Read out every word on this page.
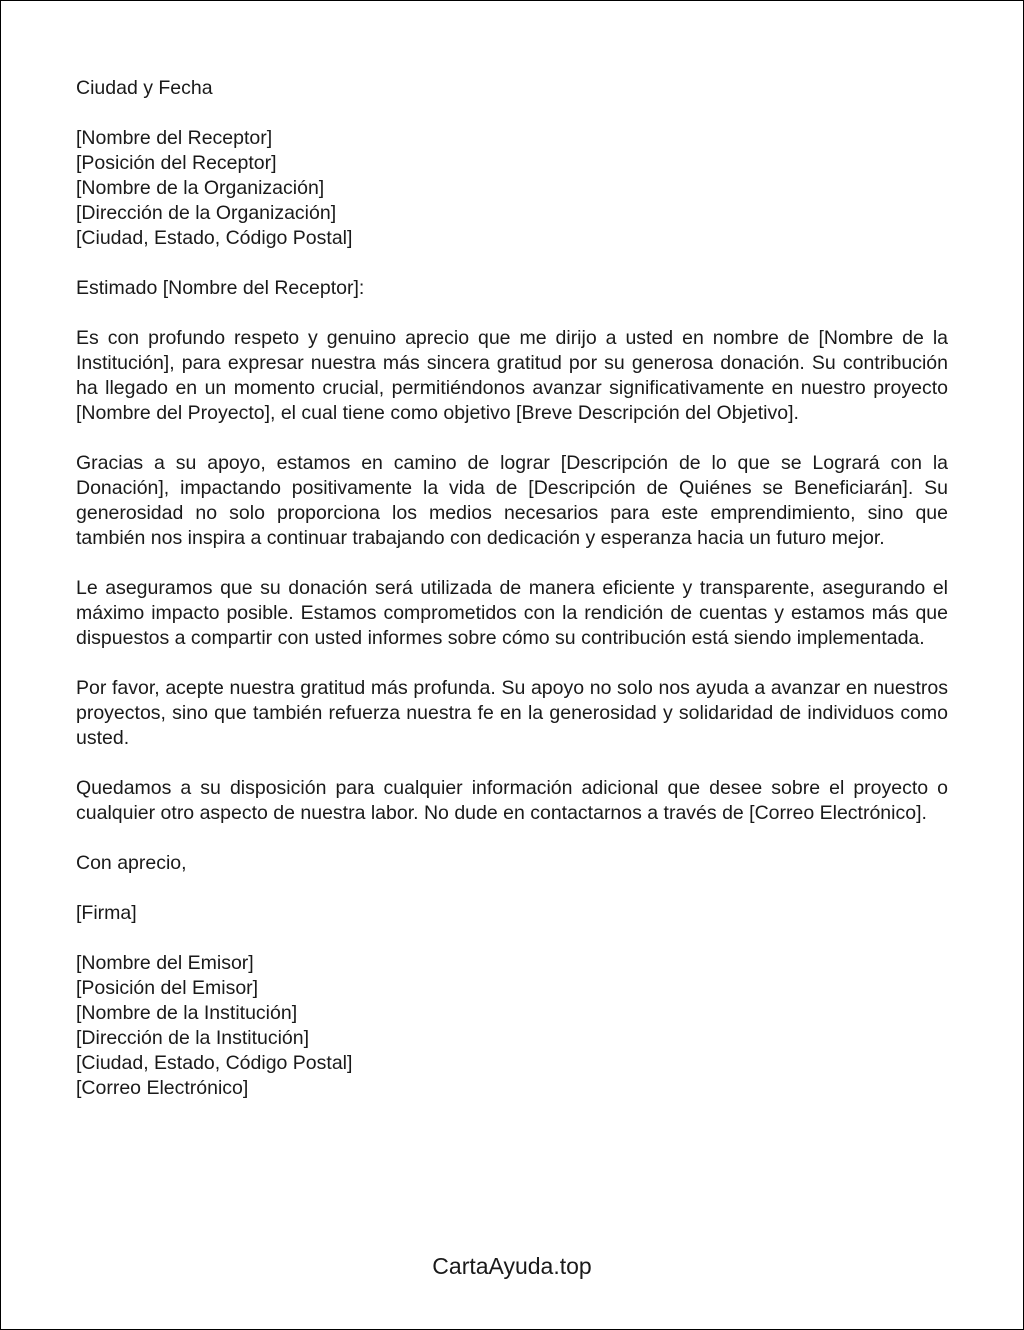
Ciudad y Fecha
[Nombre del Receptor]
[Posición del Receptor]
[Nombre de la Organización]
[Dirección de la Organización]
[Ciudad, Estado, Código Postal]
Estimado [Nombre del Receptor]:

Es con profundo respeto y genuino aprecio que me dirijo a usted en nombre de [Nombre de la Institución], para expresar nuestra más sincera gratitud por su generosa donación. Su contribución ha llegado en un momento crucial, permitiéndonos avanzar significativamente en nuestro proyecto [Nombre del Proyecto], el cual tiene como objetivo [Breve Descripción del Objetivo].

Gracias a su apoyo, estamos en camino de lograr [Descripción de lo que se Logrará con la Donación], impactando positivamente la vida de [Descripción de Quiénes se Beneficiarán]. Su generosidad no solo proporciona los medios necesarios para este emprendimiento, sino que también nos inspira a continuar trabajando con dedicación y esperanza hacia un futuro mejor.

Le aseguramos que su donación será utilizada de manera eficiente y transparente, asegurando el máximo impacto posible. Estamos comprometidos con la rendición de cuentas y estamos más que dispuestos a compartir con usted informes sobre cómo su contribución está siendo implementada.

Por favor, acepte nuestra gratitud más profunda. Su apoyo no solo nos ayuda a avanzar en nuestros proyectos, sino que también refuerza nuestra fe en la generosidad y solidaridad de individuos como usted.

Quedamos a su disposición para cualquier información adicional que desee sobre el proyecto o cualquier otro aspecto de nuestra labor. No dude en contactarnos a través de [Correo Electrónico].

Con aprecio,
[Firma]
[Nombre del Emisor]
[Posición del Emisor]
[Nombre de la Institución]
[Dirección de la Institución]
[Ciudad, Estado, Código Postal]
[Correo Electrónico]
CartaAyuda.top
